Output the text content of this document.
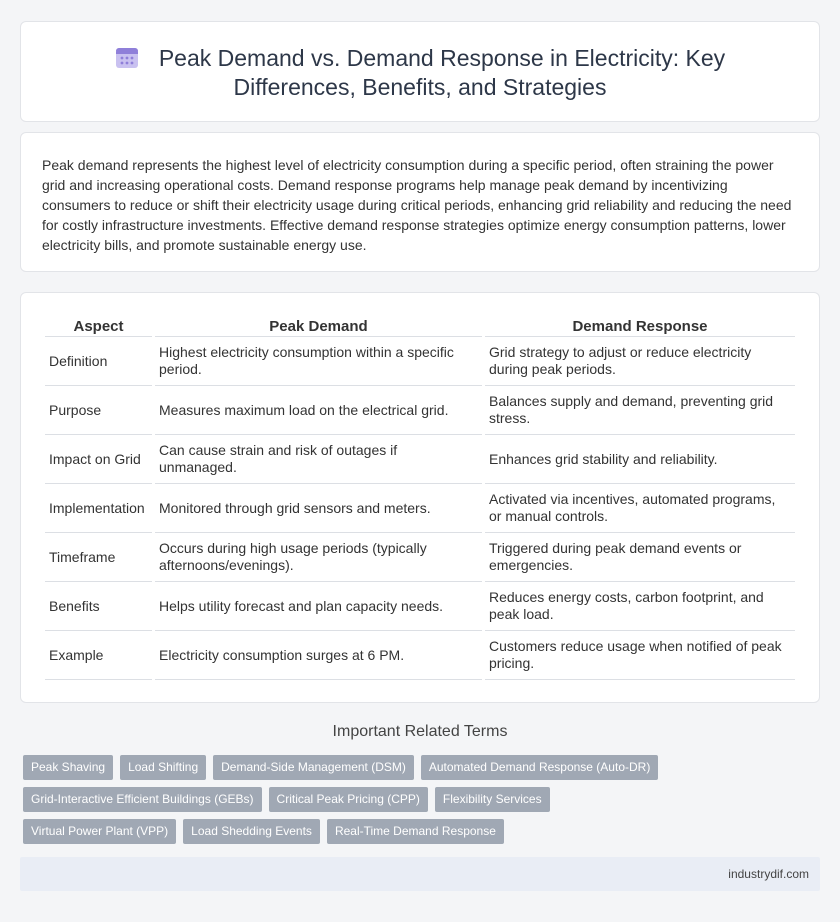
Peak Demand vs. Demand Response in Electricity: Key Differences, Benefits, and Strategies

Peak demand represents the highest level of electricity consumption during a specific period, often straining the power grid and increasing operational costs. Demand response programs help manage peak demand by incentivizing consumers to reduce or shift their electricity usage during critical periods, enhancing grid reliability and reducing the need for costly infrastructure investments. Effective demand response strategies optimize energy consumption patterns, lower electricity bills, and promote sustainable energy use.

Aspect	Peak Demand	Demand Response
Definition	Highest electricity consumption within a specific period.	Grid strategy to adjust or reduce electricity during peak periods.
Purpose	Measures maximum load on the electrical grid.	Balances supply and demand, preventing grid stress.
Impact on Grid	Can cause strain and risk of outages if unmanaged.	Enhances grid stability and reliability.
Implementation	Monitored through grid sensors and meters.	Activated via incentives, automated programs, or manual controls.
Timeframe	Occurs during high usage periods (typically afternoons/evenings).	Triggered during peak demand events or emergencies.
Benefits	Helps utility forecast and plan capacity needs.	Reduces energy costs, carbon footprint, and peak load.
Example	Electricity consumption surges at 6 PM.	Customers reduce usage when notified of peak pricing.
Important Related Terms
Peak Shaving	Load Shifting	Demand-Side Management (DSM)	Automated Demand Response (Auto-DR)
Grid-Interactive Efficient Buildings (GEBs)	Critical Peak Pricing (CPP)	Flexibility Services
Virtual Power Plant (VPP)	Load Shedding Events	Real-Time Demand Response
industrydif.com
